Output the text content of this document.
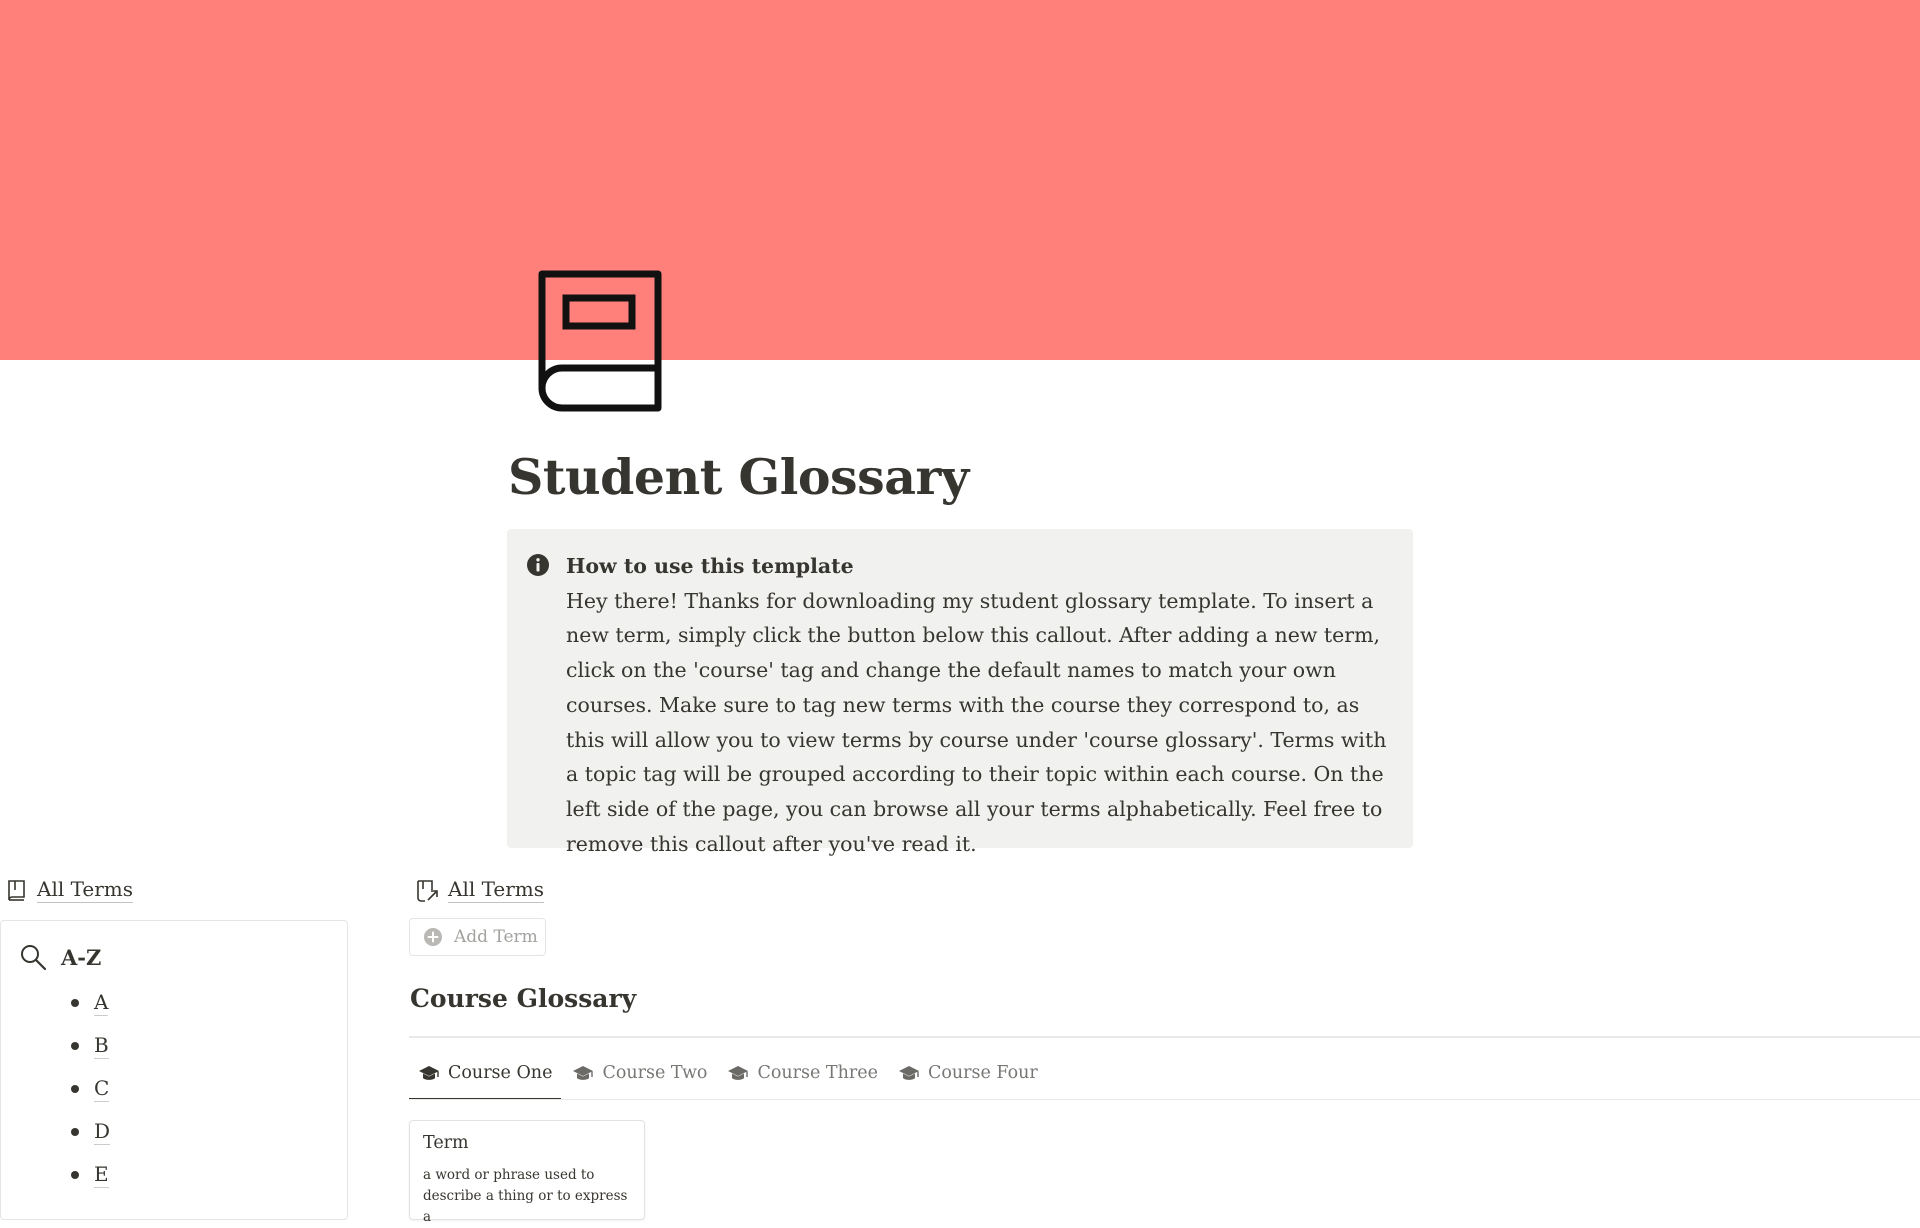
Student Glossary
How to use this template
Hey there! Thanks for downloading my student glossary template. To insert a new term, simply click the button below this callout. After adding a new term, click on the 'course' tag and change the default names to match your own courses. Make sure to tag new terms with the course they correspond to, as this will allow you to view terms by course under 'course glossary'. Terms with a topic tag will be grouped according to their topic within each course. On the left side of the page, you can browse all your terms alphabetically. Feel free to remove this callout after you've read it.
All Terms
A-Z
A
B
C
D
E
All Terms
Add Term
Course Glossary
Course One	Course Two	Course Three	Course Four
Term
a word or phrase used to describe a thing or to express a
